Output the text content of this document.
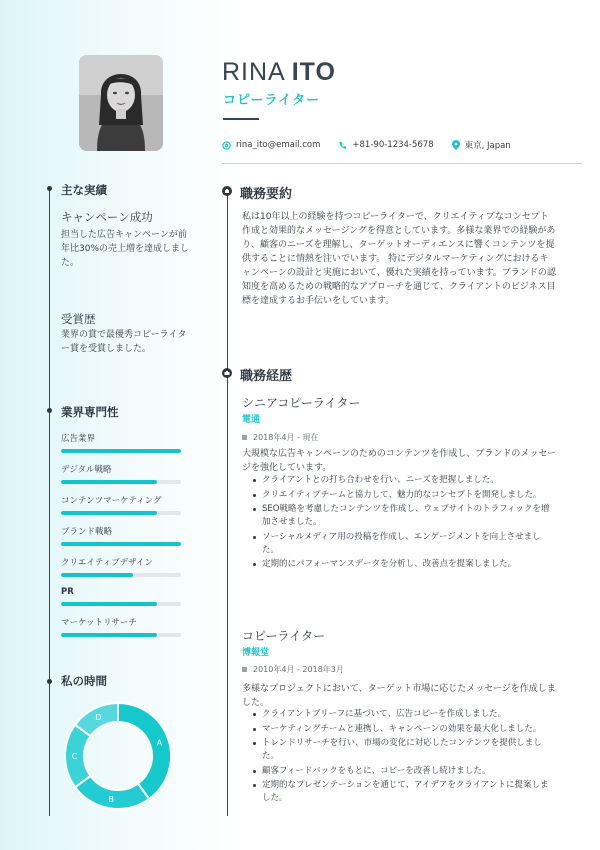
RINA ITO
コピーライター
rina_ito@email.com	+81-90-1234-5678	東京, Japan
主な実績
キャンペーン成功
担当した広告キャンペーンが前年比30%の売上増を達成しました。
受賞歴
業界の賞で最優秀コピーライター賞を受賞しました。
業界専門性
広告業界
デジタル戦略
コンテンツマーケティング
ブランド戦略
クリエイティブデザイン
PR
マーケットリサーチ
私の時間
A
B
C
D
職務要約
私は10年以上の経験を持つコピーライターで、クリエイティブなコンセプト作成と効果的なメッセージングを得意としています。多様な業界での経験があり、顧客のニーズを理解し、ターゲットオーディエンスに響くコンテンツを提供することに情熱を注いでいます。 特にデジタルマーケティングにおけるキャンペーンの設計と実施において、優れた実績を持っています。ブランドの認知度を高めるための戦略的なアプローチを通じて、クライアントのビジネス目標を達成するお手伝いをしています。
職務経歴
シニアコピーライター
電通
2018年4月 - 現在
大規模な広告キャンペーンのためのコンテンツを作成し、ブランドのメッセージを強化しています。
クライアントとの打ち合わせを行い、ニーズを把握しました。
クリエイティブチームと協力して、魅力的なコンセプトを開発しました。
SEO戦略を考慮したコンテンツを作成し、ウェブサイトのトラフィックを増加させました。
ソーシャルメディア用の投稿を作成し、エンゲージメントを向上させました。
定期的にパフォーマンスデータを分析し、改善点を提案しました。
コピーライター
博報堂
2010年4月 - 2018年3月
多様なプロジェクトにおいて、ターゲット市場に応じたメッセージを作成しました。
クライアントブリーフに基づいて、広告コピーを作成しました。
マーケティングチームと連携し、キャンペーンの効果を最大化しました。
トレンドリサーチを行い、市場の変化に対応したコンテンツを提供しました。
顧客フィードバックをもとに、コピーを改善し続けました。
定期的なプレゼンテーションを通じて、アイデアをクライアントに提案しました。
